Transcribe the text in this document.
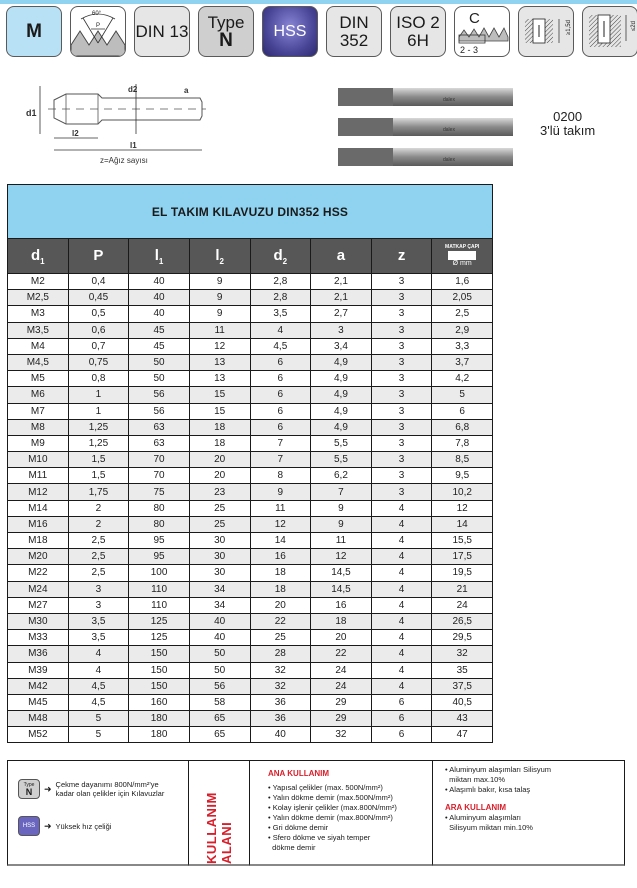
M
60°
P DIN 13 Type
N	HSS DIN
352
ISO 2
6H
C
2 - 3
≥1,5d	≤2d
d1
d2	a
l2
l1
z=Ağız sayısı
dalex
dalex
dalex
0200
3'lü takım
EL TAKIM KILAVUZU DIN352 HSS							
$d_1$	P	$l_1$	$l_2$	$d_2$	a	z	MATKAP ÇAPI
Ø mm
M2	0,4	40	9	2,8	2,1	3	1,6
M2,5	0,45	40	9	2,8	2,1	3	2,05
M3	0,5	40	9	3,5	2,7	3	2,5
M3,5	0,6	45	11	4	3	3	2,9
M4	0,7	45	12	4,5	3,4	3	3,3
M4,5	0,75	50	13	6	4,9	3	3,7
M5	0,8	50	13	6	4,9	3	4,2
M6	1	56	15	6	4,9	3	5
M7	1	56	15	6	4,9	3	6
M8	1,25	63	18	6	4,9	3	6,8
M9	1,25	63	18	7	5,5	3	7,8
M10	1,5	70	20	7	5,5	3	8,5
M11	1,5	70	20	8	6,2	3	9,5
M12	1,75	75	23	9	7	3	10,2
M14	2	80	25	11	9	4	12
M16	2	80	25	12	9	4	14
M18	2,5	95	30	14	11	4	15,5
M20	2,5	95	30	16	12	4	17,5
M22	2,5	100	30	18	14,5	4	19,5
M24	3	110	34	18	14,5	4	21
M27	3	110	34	20	16	4	24
M30	3,5	125	40	22	18	4	26,5
M33	3,5	125	40	25	20	4	29,5
M36	4	150	50	28	22	4	32
M39	4	150	50	32	24	4	35
M42	4,5	150	56	32	24	4	37,5
M45	4,5	160	58	36	29	6	40,5
M48	5	180	65	36	29	6	43
M52	5	180	65	40	32	6	47
Type
N ➜ Çekme dayanımı 800N/mm²'ye
kadar olan çelikler için Kılavuzlar
HSS ➜ Yüksek hız çeliği	KULLANIM ALANI
ANA KULLANIM
• Yapısal çelikler (max. 500N/mm²)
• Yalın dökme demir (max.500N/mm²)
• Kolay işlenir çelikler (max.800N/mm²)
• Yalın dökme demir (max.800N/mm²)
• Gri dökme demir
• Sfero dökme ve siyah temper
dökme demir
• Aluminyum alaşımları Silisyum
miktarı max.10%
• Alaşımlı bakır, kısa talaş
ARA KULLANIM
• Aluminyum alaşımları
Silisyum miktarı min.10%
